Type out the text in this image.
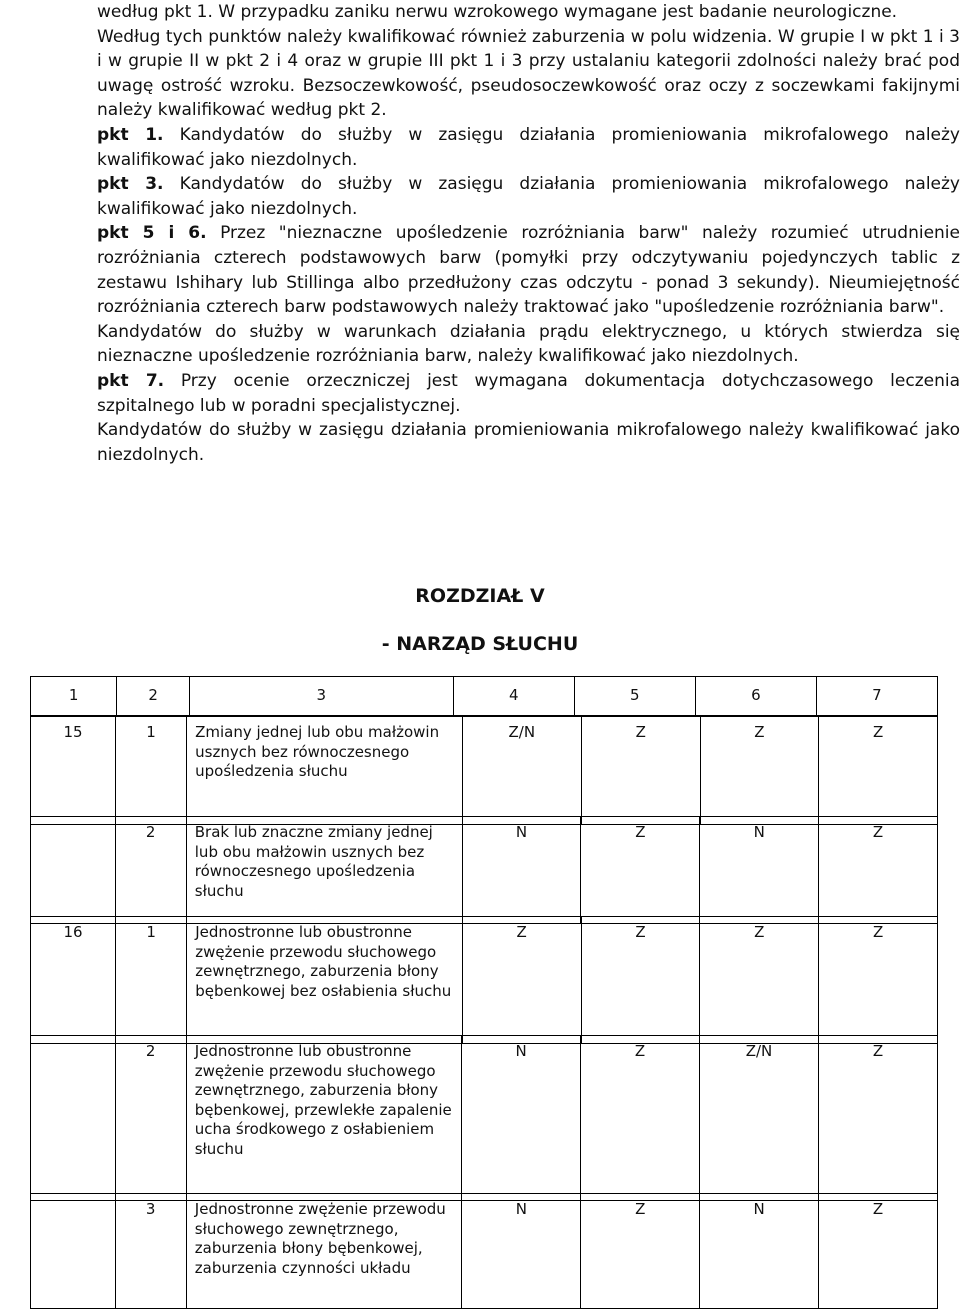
według pkt 1. W przypadku zaniku nerwu wzrokowego wymagane jest badanie neurologiczne.

Według tych punktów należy kwalifikować również zaburzenia w polu widzenia. W grupie I w pkt 1 i 3 i w grupie II w pkt 2 i 4 oraz w grupie III pkt 1 i 3 przy ustalaniu kategorii zdolności należy brać pod uwagę ostrość wzroku. Bezsoczewkowość, pseudosoczewkowość oraz oczy z soczewkami fakijnymi należy kwalifikować według pkt 2.

pkt 1. Kandydatów do służby w zasięgu działania promieniowania mikrofalowego należy kwalifikować jako niezdolnych.

pkt 3. Kandydatów do służby w zasięgu działania promieniowania mikrofalowego należy kwalifikować jako niezdolnych.

pkt 5 i 6. Przez "nieznaczne upośledzenie rozróżniania barw" należy rozumieć utrudnienie rozróżniania czterech podstawowych barw (pomyłki przy odczytywaniu pojedynczych tablic z zestawu Ishihary lub Stillinga albo przedłużony czas odczytu - ponad 3 sekundy). Nieumiejętność rozróżniania czterech barw podstawowych należy traktować jako "upośledzenie rozróżniania barw".

Kandydatów do służby w warunkach działania prądu elektrycznego, u których stwierdza się nieznaczne upośledzenie rozróżniania barw, należy kwalifikować jako niezdolnych.

pkt 7. Przy ocenie orzeczniczej jest wymagana dokumentacja dotychczasowego leczenia szpitalnego lub w poradni specjalistycznej.

Kandydatów do służby w zasięgu działania promieniowania mikrofalowego należy kwalifikować jako niezdolnych.

ROZDZIAŁ V
- NARZĄD SŁUCHU
1	2	3	4	5	6	7
15	1	Zmiany jednej lub obu małżowin usznych bez równoczesnego upośledzenia słuchu	Z/N	Z	Z	Z
	2	Brak lub znaczne zmiany jednej lub obu małżowin usznych bez równoczesnego upośledzenia słuchu	N	Z	N	Z
16	1	Jednostronne lub obustronne zwężenie przewodu słuchowego zewnętrznego, zaburzenia błony bębenkowej bez osłabienia słuchu	Z	Z	Z	Z
	2	Jednostronne lub obustronne zwężenie przewodu słuchowego zewnętrznego, zaburzenia błony bębenkowej, przewlekłe zapalenie ucha środkowego z osłabieniem słuchu	N	Z	Z/N	Z
	3	Jednostronne zwężenie przewodu słuchowego zewnętrznego, zaburzenia błony bębenkowej, zaburzenia czynności układu	N	Z	N	Z
